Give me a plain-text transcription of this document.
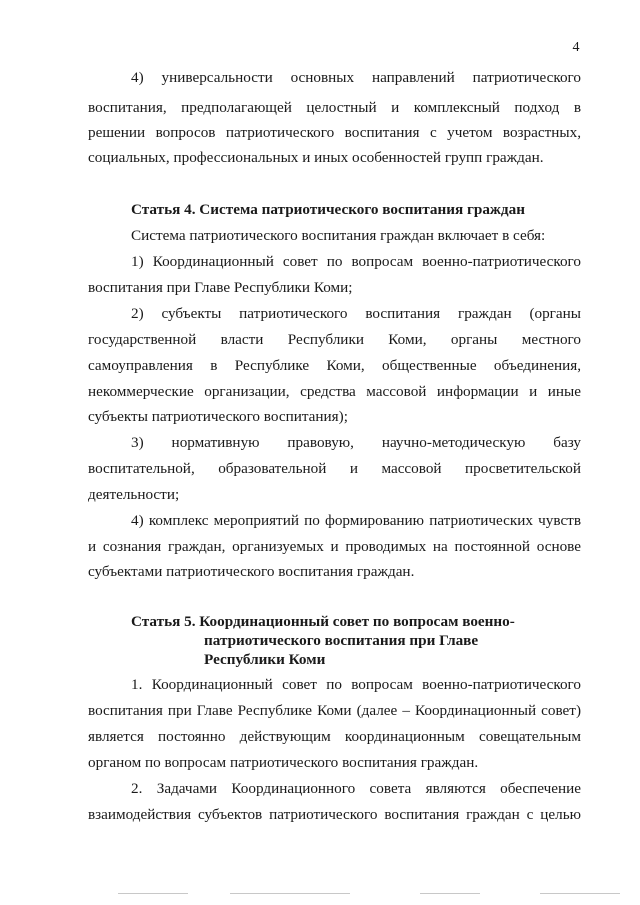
4
4) универсальности основных направлений патриотического
воспитания, предполагающей целостный и комплексный подход в
решении вопросов патриотического воспитания с учетом возрастных,
социальных, профессиональных и иных особенностей групп граждан.
Статья 4. Система патриотического воспитания граждан
Система патриотического воспитания граждан включает в себя:
1) Координационный совет по вопросам военно-патриотического
воспитания при Главе Республики Коми;
2) субъекты патриотического воспитания граждан (органы
государственной власти Республики Коми, органы местного
самоуправления в Республике Коми, общественные объединения,
некоммерческие организации, средства массовой информации и иные
субъекты патриотического воспитания);
3) нормативную правовую, научно-методическую базу
воспитательной, образовательной и массовой просветительской
деятельности;
4) комплекс мероприятий по формированию патриотических чувств
и сознания граждан, организуемых и проводимых на постоянной основе
субъектами патриотического воспитания граждан.
Статья 5. Координационный совет по вопросам военно-
патриотического воспитания при Главе
Республики Коми
1. Координационный совет по вопросам военно-патриотического
воспитания при Главе Республике Коми (далее – Координационный совет)
является постоянно действующим координационным совещательным
органом по вопросам патриотического воспитания граждан.
2. Задачами Координационного совета являются обеспечение
взаимодействия субъектов патриотического воспитания граждан с целью
